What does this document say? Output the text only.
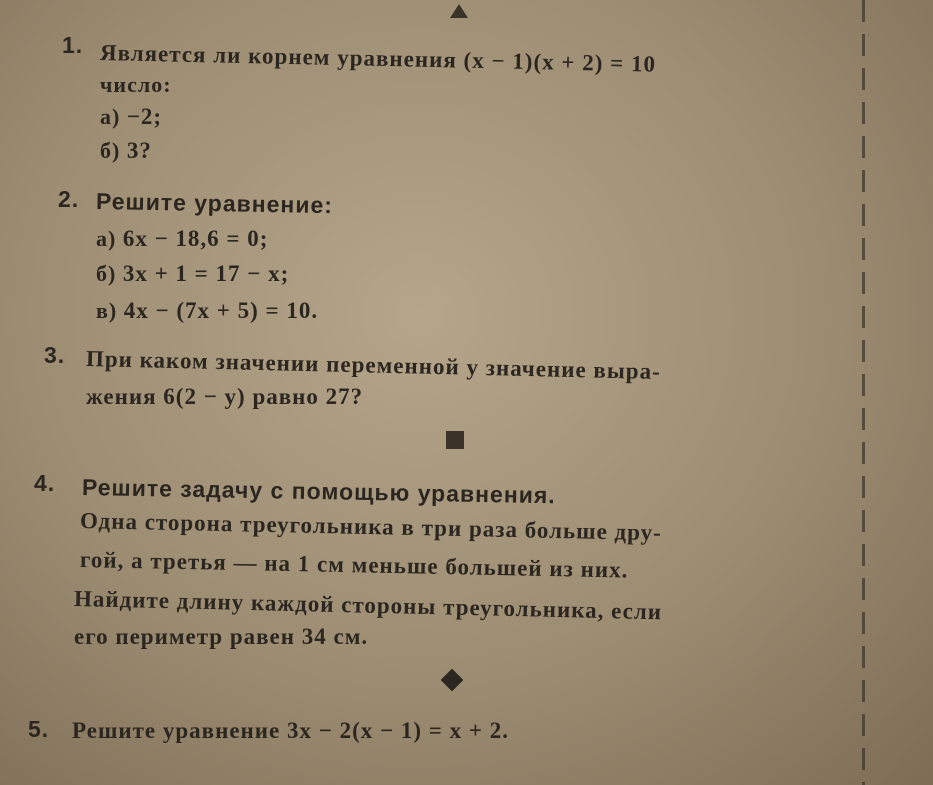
1. Является ли корнем уравнения (x − 1)(x + 2) = 10
число:
а) −2;
б) 3?
2. Решите уравнение:
а) 6x − 18,6 = 0;
б) 3x + 1 = 17 − x;
в) 4x − (7x + 5) = 10.
3. При каком значении переменной y значение выра-
жения 6(2 − y) равно 27?
4. Решите задачу с помощью уравнения.
Одна сторона треугольника в три раза больше дру-
гой, а третья — на 1 см меньше большей из них.
Найдите длину каждой стороны треугольника, если
его периметр равен 34 см.
5. Решите уравнение 3x − 2(x − 1) = x + 2.
